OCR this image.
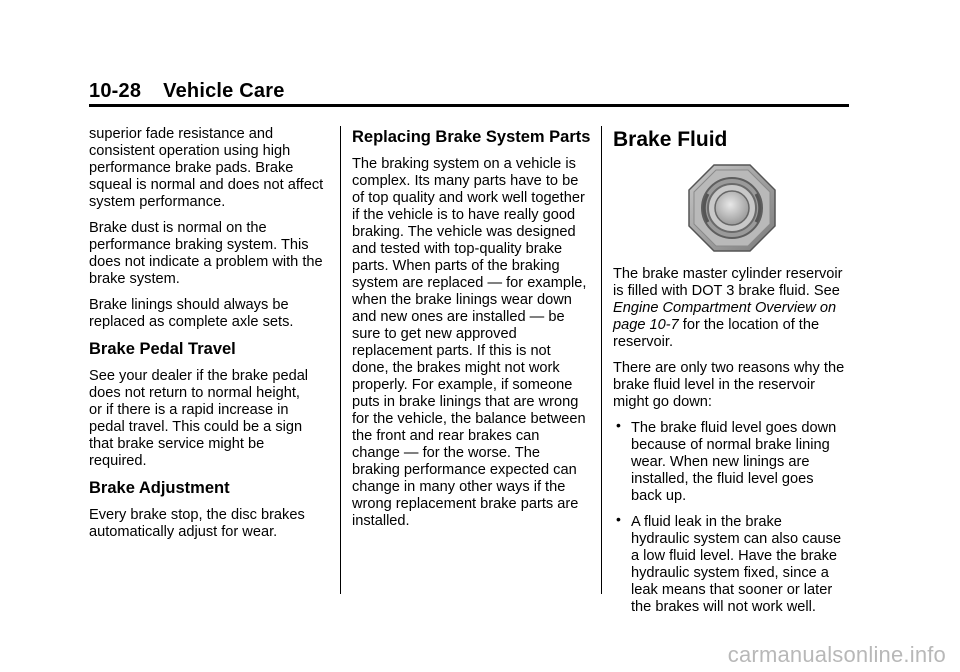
10-28 Vehicle Care

superior fade resistance and
consistent operation using high
performance brake pads. Brake
squeal is normal and does not affect
system performance.

Brake dust is normal on the
performance braking system. This
does not indicate a problem with the
brake system.

Brake linings should always be
replaced as complete axle sets.

Brake Pedal Travel

See your dealer if the brake pedal
does not return to normal height,
or if there is a rapid increase in
pedal travel. This could be a sign
that brake service might be
required.

Brake Adjustment

Every brake stop, the disc brakes
automatically adjust for wear.

Replacing Brake System Parts

The braking system on a vehicle is
complex. Its many parts have to be
of top quality and work well together
if the vehicle is to have really good
braking. The vehicle was designed
and tested with top-quality brake
parts. When parts of the braking
system are replaced — for example,
when the brake linings wear down
and new ones are installed — be
sure to get new approved
replacement parts. If this is not
done, the brakes might not work
properly. For example, if someone
puts in brake linings that are wrong
for the vehicle, the balance between
the front and rear brakes can
change — for the worse. The
braking performance expected can
change in many other ways if the
wrong replacement brake parts are
installed.

Brake Fluid

The brake master cylinder reservoir
is filled with DOT 3 brake fluid. See
Engine Compartment Overview on
page 10-7 for the location of the
reservoir.

There are only two reasons why the
brake fluid level in the reservoir
might go down:

• The brake fluid level goes down
because of normal brake lining
wear. When new linings are
installed, the fluid level goes
back up.
• A fluid leak in the brake
hydraulic system can also cause
a low fluid level. Have the brake
hydraulic system fixed, since a
leak means that sooner or later
the brakes will not work well.
carmanualsonline.info
